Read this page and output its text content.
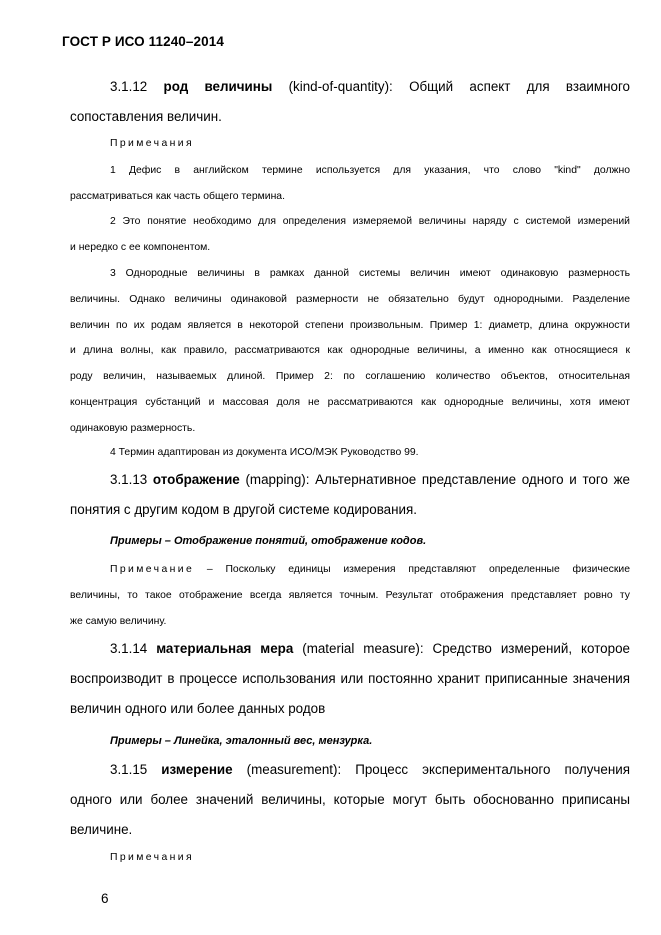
ГОСТ Р ИСО 11240–2014
3.1.12 род величины (kind-of-quantity): Общий аспект для взаимного
сопоставления величин.
Примечания
1 Дефис в английском термине используется для указания, что слово "kind" должно
рассматриваться как часть общего термина.
2 Это понятие необходимо для определения измеряемой величины наряду с системой измерений
и нередко с ее компонентом.
3 Однородные величины в рамках данной системы величин имеют одинаковую размерность
величины. Однако величины одинаковой размерности не обязательно будут однородными. Разделение
величин по их родам является в некоторой степени произвольным. Пример 1: диаметр, длина окружности
и длина волны, как правило, рассматриваются как однородные величины, а именно как относящиеся к
роду величин, называемых длиной. Пример 2: по соглашению количество объектов, относительная
концентрация субстанций и массовая доля не рассматриваются как однородные величины, хотя имеют
одинаковую размерность.
4 Термин адаптирован из документа ИСО/МЭК Руководство 99.
3.1.13 отображение (mapping): Альтернативное представление одного и того же
понятия с другим кодом в другой системе кодирования.
Примеры – Отображение понятий, отображение кодов.
Примечание – Поскольку единицы измерения представляют определенные физические
величины, то такое отображение всегда является точным. Результат отображения представляет ровно ту
же самую величину.
3.1.14 материальная мера (material measure): Средство измерений, которое
воспроизводит в процессе использования или постоянно хранит приписанные значения
величин одного или более данных родов
Примеры – Линейка, эталонный вес, мензурка.
3.1.15 измерение (measurement): Процесс экспериментального получения
одного или более значений величины, которые могут быть обоснованно приписаны
величине.
Примечания
6
